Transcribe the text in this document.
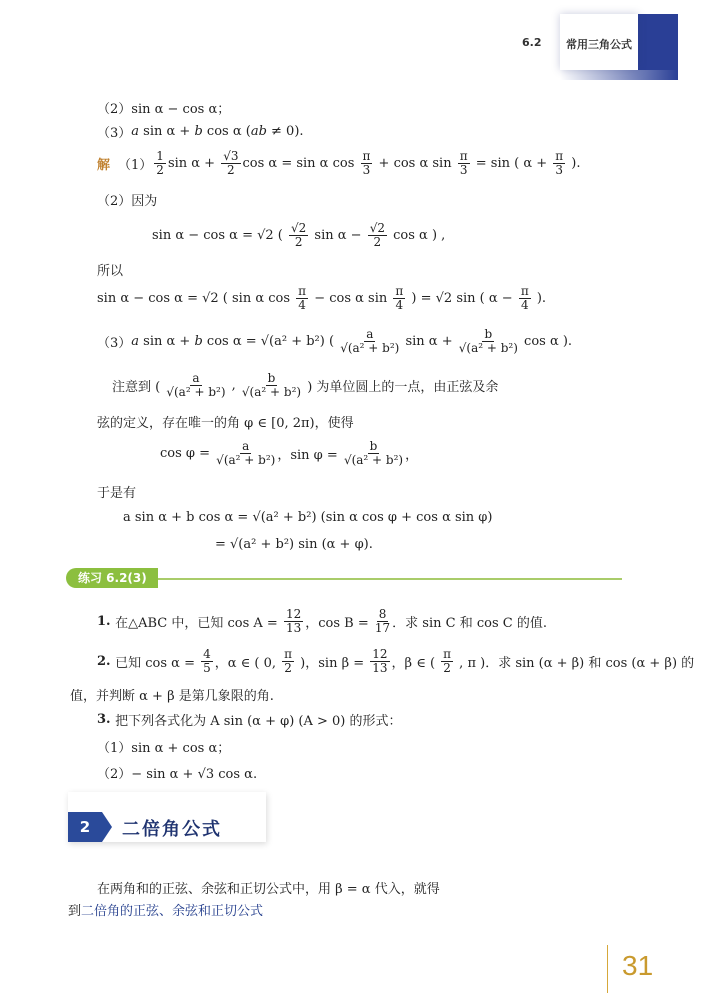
6.2 常用三角公式
（2）sin α − cos α；
（3） a sin α + b cos α ( ab ≠ 0).
解 $(1) \frac{1}{2}$ $\sin \alpha + \frac{√3}{2}$ cos α = sin α $\cos \frac{\pi}{3} + \cos \alpha$ $\sin \frac{\pi}{3} = \sin$ ( $\alpha + \frac{\pi}{3}$ ).
（2）因为
sin α − cos α = √2 ( $\frac{√2}{2}$ $\sin \alpha - \frac{√2}{2}$ cos α ) ,
所以
sin α − cos α = √2 ( sin α $\cos \frac{\pi}{4} - \cos \alpha$ $\sin \frac{\pi}{4}$ ) = √2 sin ( $\alpha - \frac{\pi}{4}$ ).
（3） a sin α + b cos α = √(a² + b²) ( $\frac{a}{\text{√(a² + b²)}}$ $\sin \alpha + \frac{b}{\text{√(a² + b²)}}$ cos α ).
注意到 ( $\frac{a}{\text{√(a² + b²)}}$ , $\frac{b}{\text{√(a² + b²)}}$ ) 为单位圆上的一点，由正弦及余
弦的定义，存在唯一的角 φ ∈ [0, 2π)，使得
$\cos \varphi = \frac{a}{\text{√(a² + b²)}}$ ，$\sin \varphi = \frac{b}{\text{√(a² + b²)}}$ ，
于是有
a sin α + b cos α = √(a² + b²) (sin α cos φ + cos α sin φ)
= √(a² + b²) sin (α + φ).
1. 在△ABC 中，已知 $\cos A = \frac{12}{13}$ ，$\cos B = \frac{8}{17}$ ．求 sin C 和 cos C 的值.
2. 已知 $\cos \alpha = \frac{4}{5}$ ，α ∈ ( 0, $\frac{\pi}{2}$ )，$\sin \beta = \frac{12}{13}$ ，β ∈ ( $\frac{\pi}{2}$ , π )．求 sin (α + β) 和 cos (α + β) 的
值，并判断 α + β 是第几象限的角.
3. 把下列各式化为 A sin (α + φ) (A > 0) 的形式：
（1）sin α + cos α；
（2）− sin α + √3 cos α.
在两角和的正弦、余弦和正切公式中，用 β = α 代入，就得
到 二倍角的正弦、余弦和正切公式
练习 6.2(3)
2	二倍角公式
31
